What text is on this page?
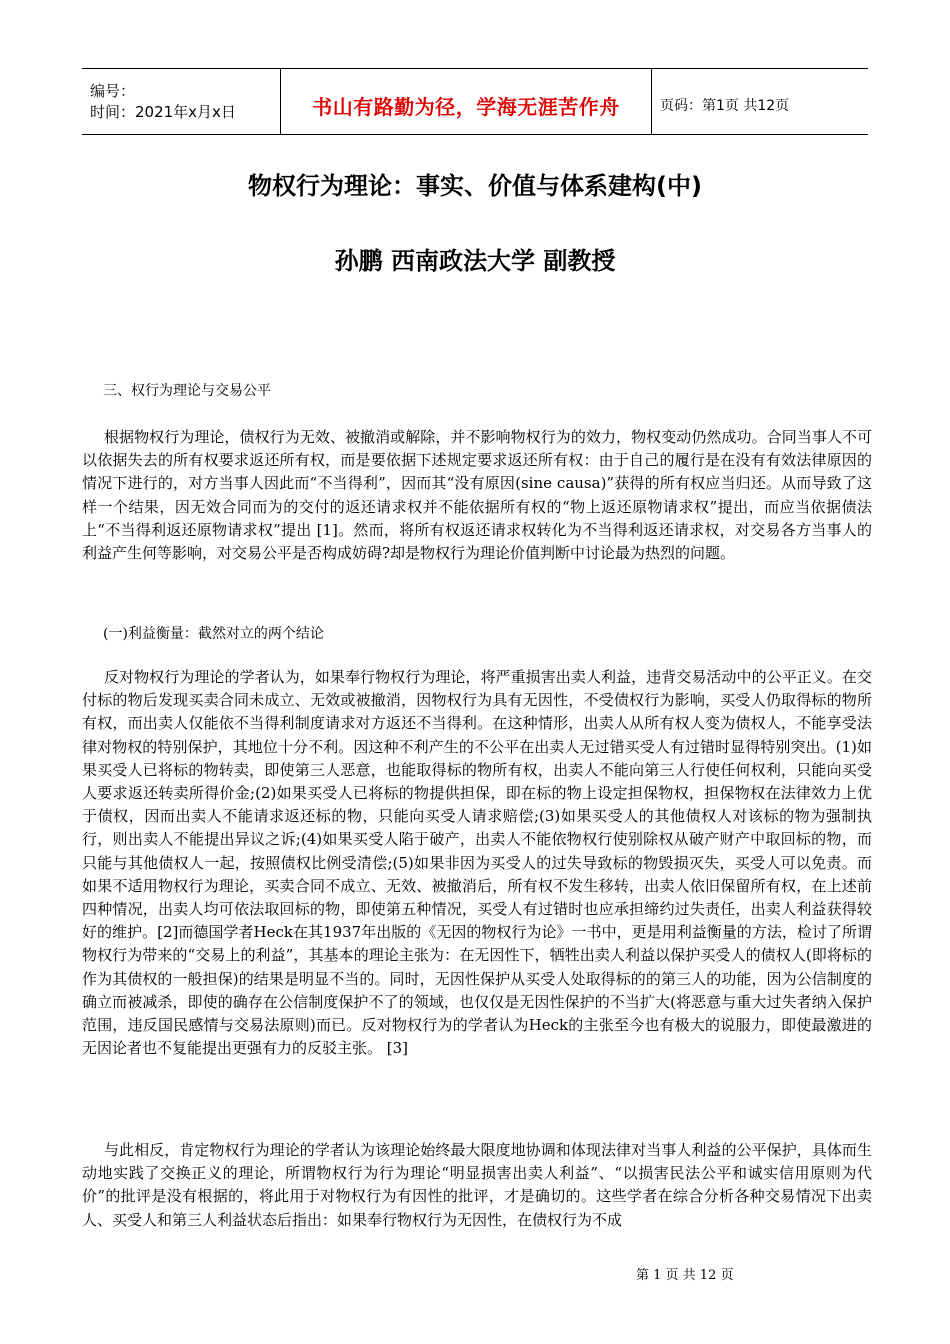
编号：
时间：2021年x月x日	书山有路勤为径，学海无涯苦作舟	页码：第1页 共12页
物权行为理论：事实、价值与体系建构(中)
孙鹏 西南政法大学 副教授
三、权行为理论与交易公平

根据物权行为理论，债权行为无效、被撤消或解除，并不影响物权行为的效力，物权变动仍然成功。合同当事人不可以依据失去的所有权要求返还所有权，而是要依据下述规定要求返还所有权：由于自己的履行是在没有有效法律原因的情况下进行的，对方当事人因此而“不当得利”，因而其“没有原因(sine causa)”获得的所有权应当归还。从而导致了这样一个结果，因无效合同而为的交付的返还请求权并不能依据所有权的“物上返还原物请求权”提出，而应当依据债法上“不当得利返还原物请求权”提出 [1]。然而，将所有权返还请求权转化为不当得利返还请求权，对交易各方当事人的利益产生何等影响，对交易公平是否构成妨碍?却是物权行为理论价值判断中讨论最为热烈的问题。

(一)利益衡量：截然对立的两个结论

反对物权行为理论的学者认为，如果奉行物权行为理论，将严重损害出卖人利益，违背交易活动中的公平正义。在交付标的物后发现买卖合同未成立、无效或被撤消，因物权行为具有无因性，不受债权行为影响，买受人仍取得标的物所有权，而出卖人仅能依不当得利制度请求对方返还不当得利。在这种情形，出卖人从所有权人变为债权人，不能享受法律对物权的特别保护，其地位十分不利。因这种不利产生的不公平在出卖人无过错买受人有过错时显得特别突出。(1)如果买受人已将标的物转卖，即使第三人恶意，也能取得标的物所有权，出卖人不能向第三人行使任何权利，只能向买受人要求返还转卖所得价金;(2)如果买受人已将标的物提供担保，即在标的物上设定担保物权，担保物权在法律效力上优于债权，因而出卖人不能请求返还标的物，只能向买受人请求赔偿;(3)如果买受人的其他债权人对该标的物为强制执行，则出卖人不能提出异议之诉;(4)如果买受人陷于破产，出卖人不能依物权行使别除权从破产财产中取回标的物，而只能与其他债权人一起，按照债权比例受清偿;(5)如果非因为买受人的过失导致标的物毁损灭失，买受人可以免责。而如果不适用物权行为理论，买卖合同不成立、无效、被撤消后，所有权不发生移转，出卖人依旧保留所有权，在上述前四种情况，出卖人均可依法取回标的物，即使第五种情况，买受人有过错时也应承担缔约过失责任，出卖人利益获得较好的维护。[2]而德国学者Heck在其1937年出版的《无因的物权行为论》一书中，更是用利益衡量的方法，检讨了所谓物权行为带来的“交易上的利益”，其基本的理论主张为：在无因性下，牺牲出卖人利益以保护买受人的债权人(即将标的作为其债权的一般担保)的结果是明显不当的。同时，无因性保护从买受人处取得标的的第三人的功能，因为公信制度的确立而被减杀，即使的确存在公信制度保护不了的领域，也仅仅是无因性保护的不当扩大(将恶意与重大过失者纳入保护范围，违反国民感情与交易法原则)而已。反对物权行为的学者认为Heck的主张至今也有极大的说服力，即使最激进的无因论者也不复能提出更强有力的反驳主张。 [3]

与此相反，肯定物权行为理论的学者认为该理论始终最大限度地协调和体现法律对当事人利益的公平保护，具体而生动地实践了交换正义的理论，所谓物权行为行为理论“明显损害出卖人利益”、“以损害民法公平和诚实信用原则为代价”的批评是没有根据的，将此用于对物权行为有因性的批评，才是确切的。这些学者在综合分析各种交易情况下出卖人、买受人和第三人利益状态后指出：如果奉行物权行为无因性，在债权行为不成

第 1 页 共 12 页
